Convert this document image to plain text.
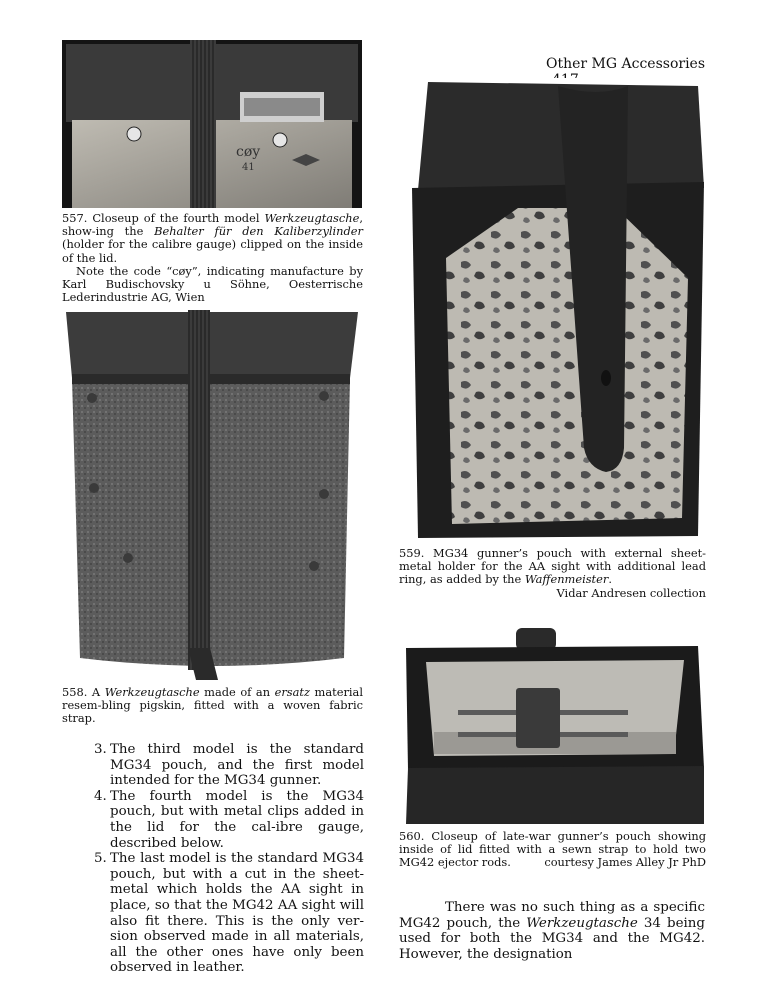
Other MG Accessories
cøy
41

557. Closeup of the fourth model Werkzeugtasche, show-ing the Behalter für den Kaliberzylinder (holder for the calibre gauge) clipped on the inside of the lid.

Note the code “cøy”, indicating manufacture by Karl Budischovsky u Söhne, Oesterrische Lederindustrie AG, Wien

558. A Werkzeugtasche made of an ersatz material resem-bling pigskin, fitted with a woven fabric strap.

559. MG34 gunner’s pouch with external sheet-metal holder for the AA sight with additional lead ring, as added by the Waffenmeister.
Vidar Andresen collection

560. Closeup of late-war gunner’s pouch showing inside of lid fitted with a sewn strap to hold two MG42 ejector rods.	courtesy James Alley Jr PhD

3. The third model is the standard MG34 pouch, and the first model intended for the MG34 gunner.
4. The fourth model is the MG34 pouch, but with metal clips added in the lid for the cal-ibre gauge, described below.
5. The last model is the standard MG34 pouch, but with a cut in the sheet-metal which holds the AA sight in place, so that the MG42 AA sight will also fit there. This is the only ver-sion observed made in all materials, all the other ones have only been observed in leather.

There was no such thing as a specific MG42 pouch, the Werkzeugtasche 34 being used for both the MG34 and the MG42. However, the designation
